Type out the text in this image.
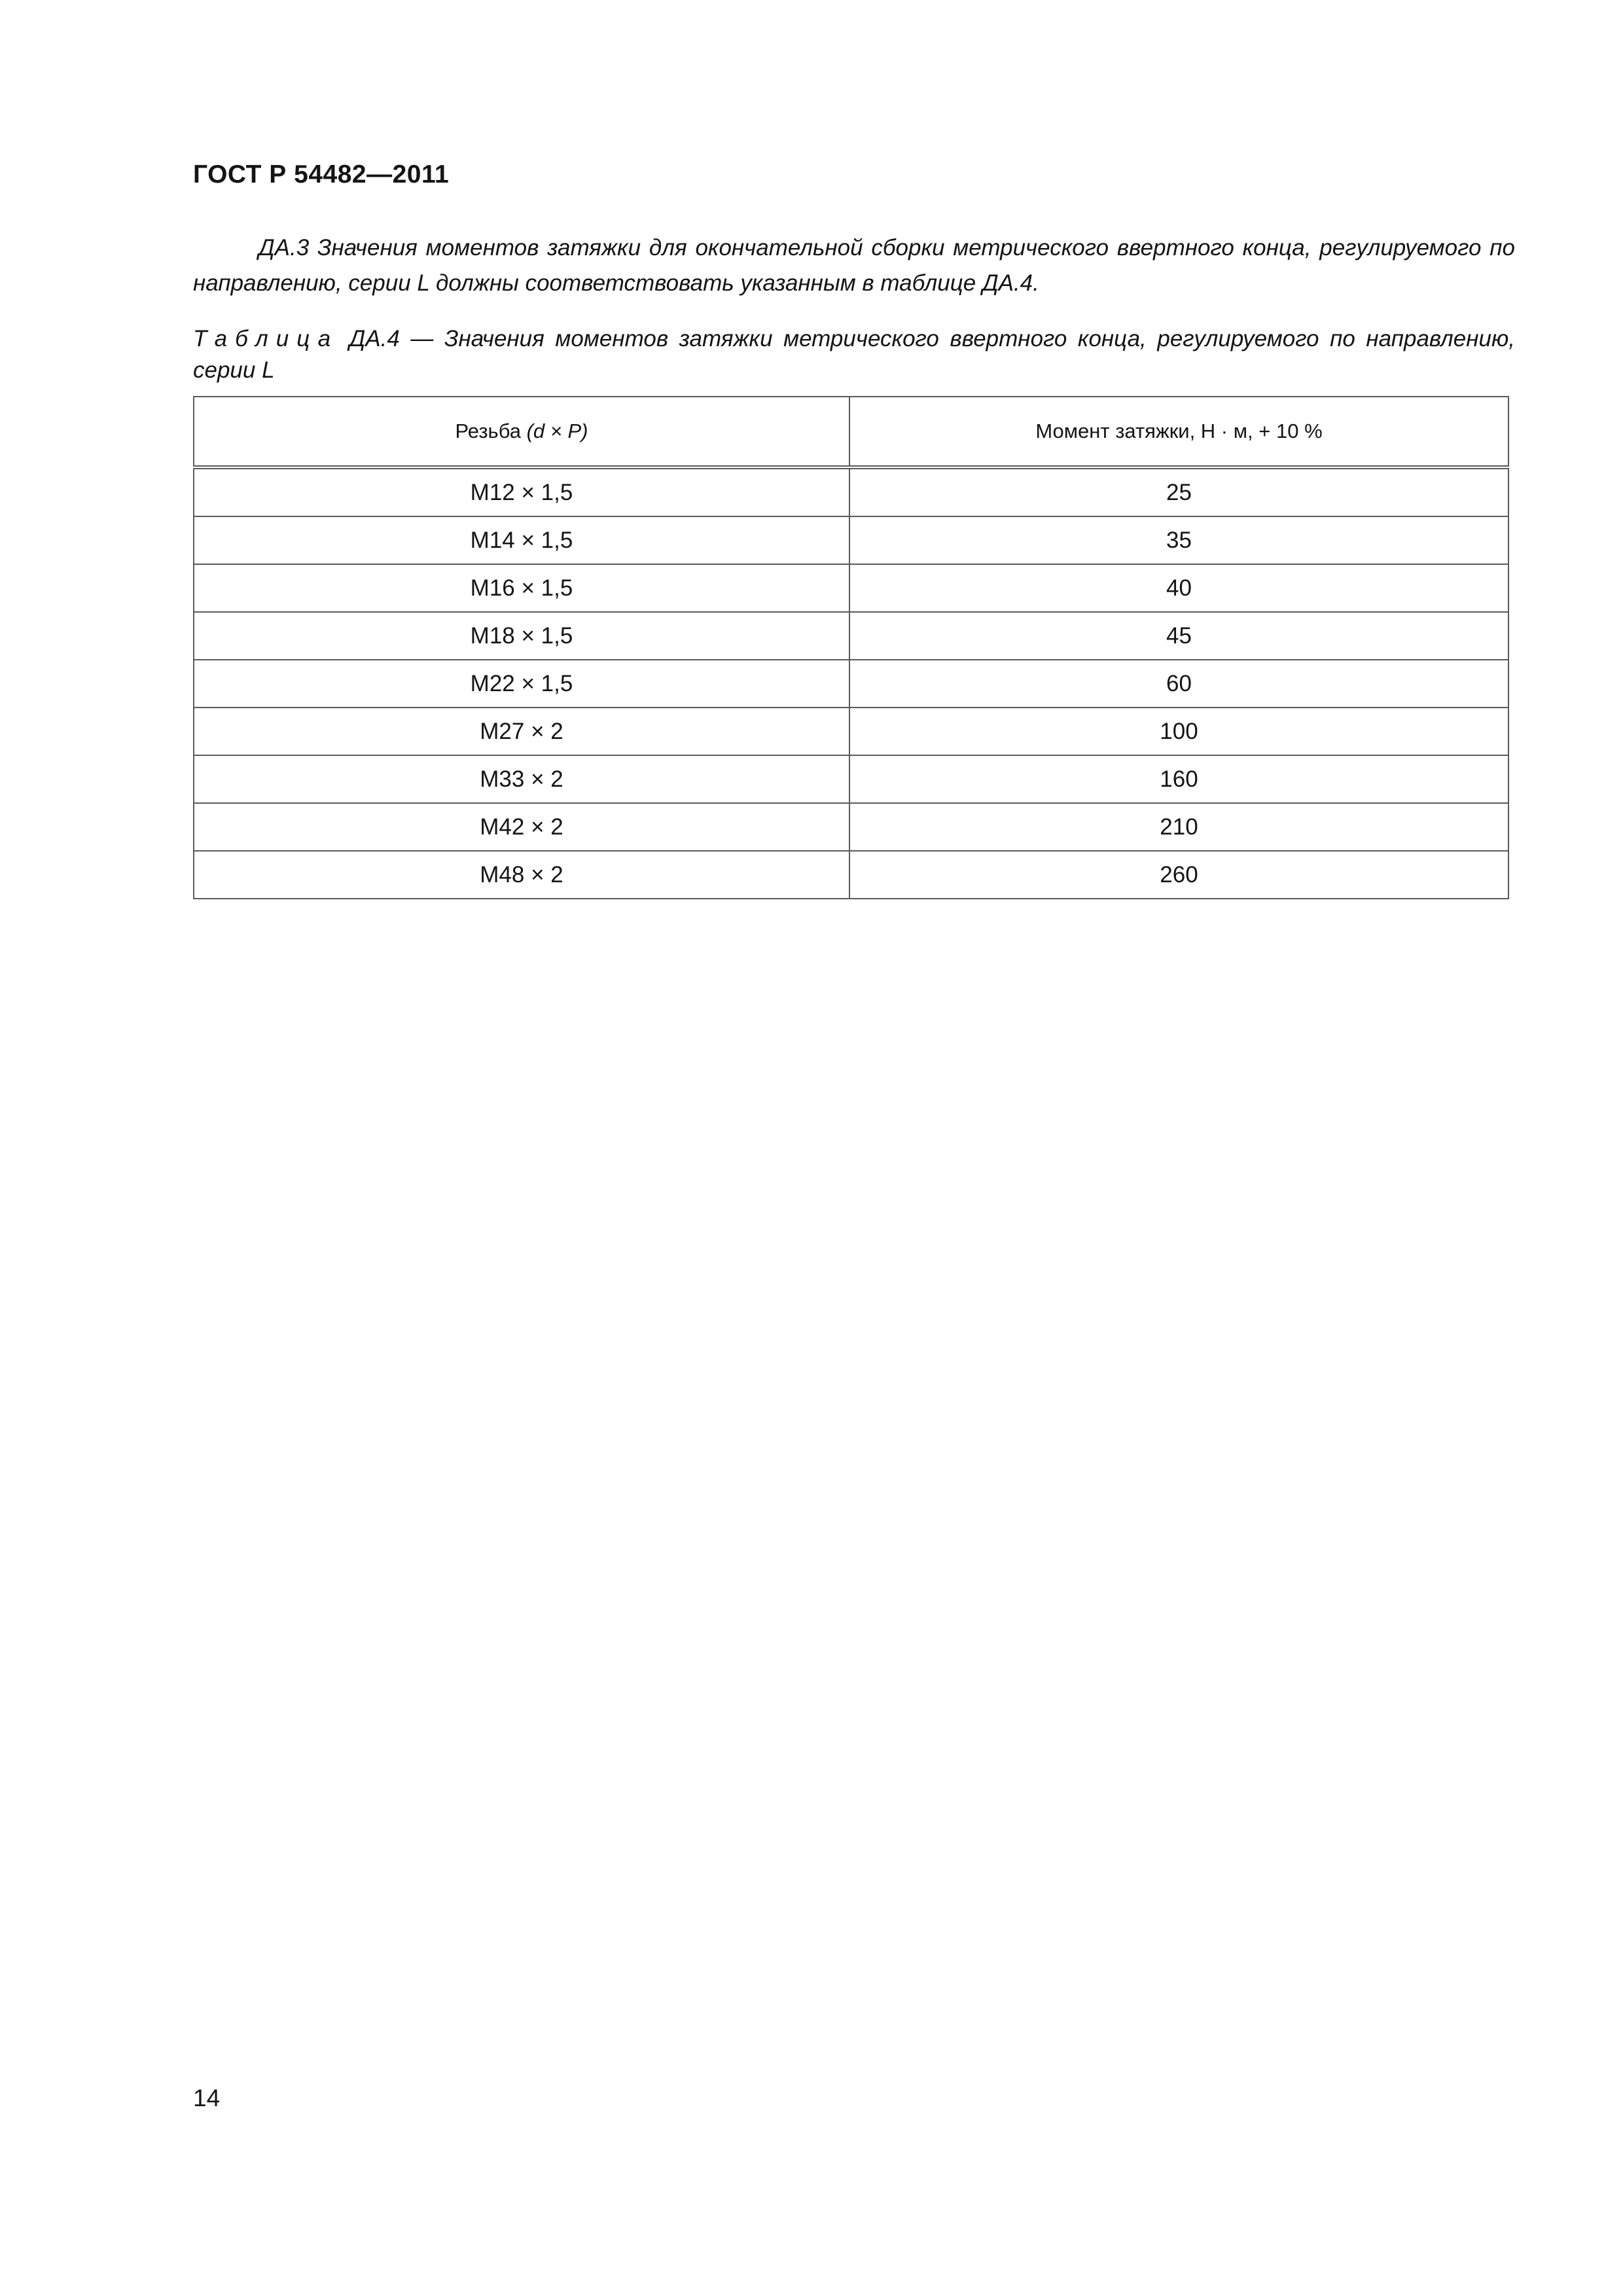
ГОСТ Р 54482—2011
ДА.3 Значения моментов затяжки для окончательной сборки метрического ввертного конца, регулируемого по направлению, серии L должны соответствовать указанным в таблице ДА.4.
Таблица ДА.4 — Значения моментов затяжки метрического ввертного конца, регулируемого по направлению, серии L
Резьба (d × P)	Момент затяжки, Н · м, + 10 %
M12 × 1,5	25
M14 × 1,5	35
M16 × 1,5	40
M18 × 1,5	45
M22 × 1,5	60
M27 × 2	100
M33 × 2	160
M42 × 2	210
M48 × 2	260
14
